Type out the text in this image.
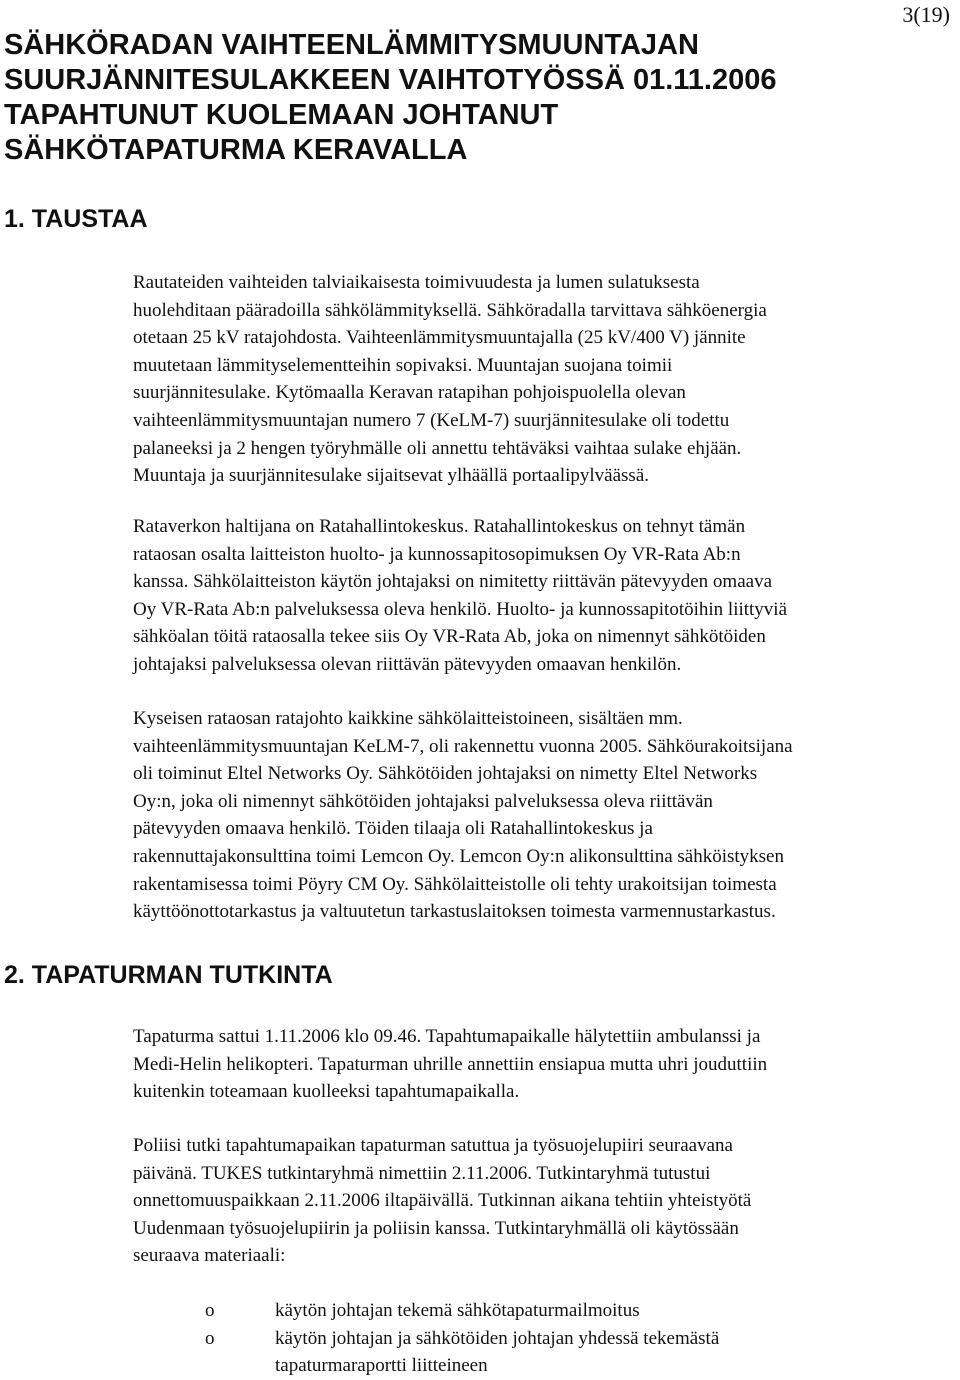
3(19)
SÄHKÖRADAN VAIHTEENLÄMMITYSMUUNTAJAN
SUURJÄNNITESULAKKEEN VAIHTOTYÖSSÄ 01.11.2006
TAPAHTUNUT KUOLEMAAN JOHTANUT
SÄHKÖTAPATURMA KERAVALLA
1. TAUSTAA

Rautateiden vaihteiden talviaikaisesta toimivuudesta ja lumen sulatuksesta
huolehditaan pääradoilla sähkölämmityksellä. Sähköradalla tarvittava sähköenergia
otetaan 25 kV ratajohdosta. Vaihteenlämmitysmuuntajalla (25 kV/400 V) jännite
muutetaan lämmityselementteihin sopivaksi. Muuntajan suojana toimii
suurjännitesulake. Kytömaalla Keravan ratapihan pohjoispuolella olevan
vaihteenlämmitysmuuntajan numero 7 (KeLM-7) suurjännitesulake oli todettu
palaneeksi ja 2 hengen työryhmälle oli annettu tehtäväksi vaihtaa sulake ehjään.
Muuntaja ja suurjännitesulake sijaitsevat ylhäällä portaalipylväässä.

Rataverkon haltijana on Ratahallintokeskus. Ratahallintokeskus on tehnyt tämän
rataosan osalta laitteiston huolto- ja kunnossapitosopimuksen Oy VR-Rata Ab:n
kanssa. Sähkölaitteiston käytön johtajaksi on nimitetty riittävän pätevyyden omaava
Oy VR-Rata Ab:n palveluksessa oleva henkilö. Huolto- ja kunnossapitotöihin liittyviä
sähköalan töitä rataosalla tekee siis Oy VR-Rata Ab, joka on nimennyt sähkötöiden
johtajaksi palveluksessa olevan riittävän pätevyyden omaavan henkilön.

Kyseisen rataosan ratajohto kaikkine sähkölaitteistoineen, sisältäen mm.
vaihteenlämmitysmuuntajan KeLM-7, oli rakennettu vuonna 2005. Sähköurakoitsijana
oli toiminut Eltel Networks Oy. Sähkötöiden johtajaksi on nimetty Eltel Networks
Oy:n, joka oli nimennyt sähkötöiden johtajaksi palveluksessa oleva riittävän
pätevyyden omaava henkilö. Töiden tilaaja oli Ratahallintokeskus ja
rakennuttajakonsulttina toimi Lemcon Oy. Lemcon Oy:n alikonsulttina sähköistyksen
rakentamisessa toimi Pöyry CM Oy. Sähkölaitteistolle oli tehty urakoitsijan toimesta
käyttöönottotarkastus ja valtuutetun tarkastuslaitoksen toimesta varmennustarkastus.

2. TAPATURMAN TUTKINTA

Tapaturma sattui 1.11.2006 klo 09.46. Tapahtumapaikalle hälytettiin ambulanssi ja
Medi-Helin helikopteri. Tapaturman uhrille annettiin ensiapua mutta uhri jouduttiin
kuitenkin toteamaan kuolleeksi tapahtumapaikalla.

Poliisi tutki tapahtumapaikan tapaturman satuttua ja työsuojelupiiri seuraavana
päivänä. TUKES tutkintaryhmä nimettiin 2.11.2006. Tutkintaryhmä tutustui
onnettomuuspaikkaan 2.11.2006 iltapäivällä. Tutkinnan aikana tehtiin yhteistyötä
Uudenmaan työsuojelupiirin ja poliisin kanssa. Tutkintaryhmällä oli käytössään
seuraava materiaali:

o	käytön johtajan tekemä sähkötapaturmailmoitus
o	käytön johtajan ja sähkötöiden johtajan yhdessä tekemästä
tapaturmaraportti liitteineen
